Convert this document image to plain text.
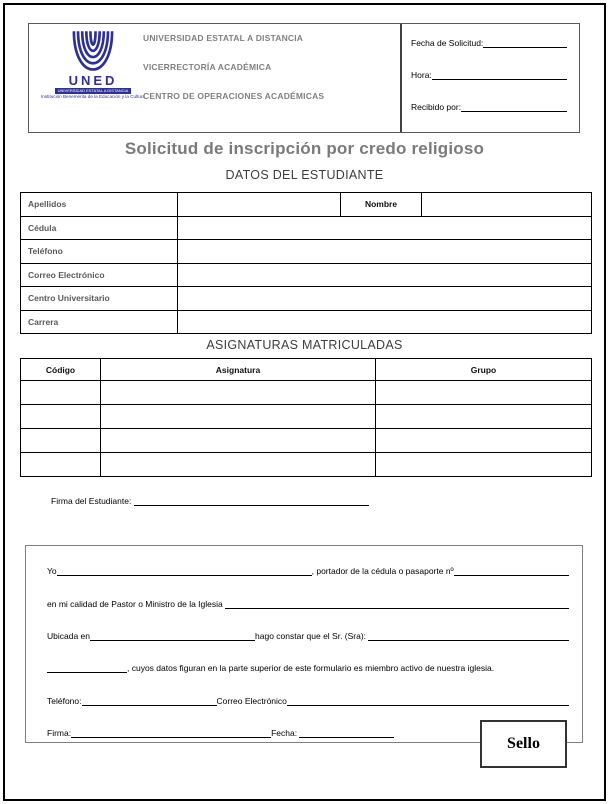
UNED
UNIVERSIDAD ESTATAL A DISTANCIA
Institución Benemérita de la Educación y la Cultura
UNIVERSIDAD ESTATAL A DISTANCIA
VICERRECTORÍA ACADÉMICA
CENTRO DE OPERACIONES ACADÉMICAS
Fecha de Solicitud:
Hora:
Recibido por:
Solicitud de inscripción por credo religioso
DATOS DEL ESTUDIANTE
Apellidos		Nombre	
Cédula			
Teléfono			
Correo Electrónico			
Centro Universitario			
Carrera			
ASIGNATURAS MATRICULADAS
Código	Asignatura	Grupo

Firma del Estudiante:

Yo	, portador de la cédula o pasaporte nº
en mi calidad de Pastor o Ministro de la Iglesia
Ubicada en	hago constar que el Sr. (Sra):
, cuyos datos figuran en la parte superior de este formulario es miembro activo de nuestra iglesia.
Teléfono:	Correo Electrónico
Firma:	Fecha:
Sello
